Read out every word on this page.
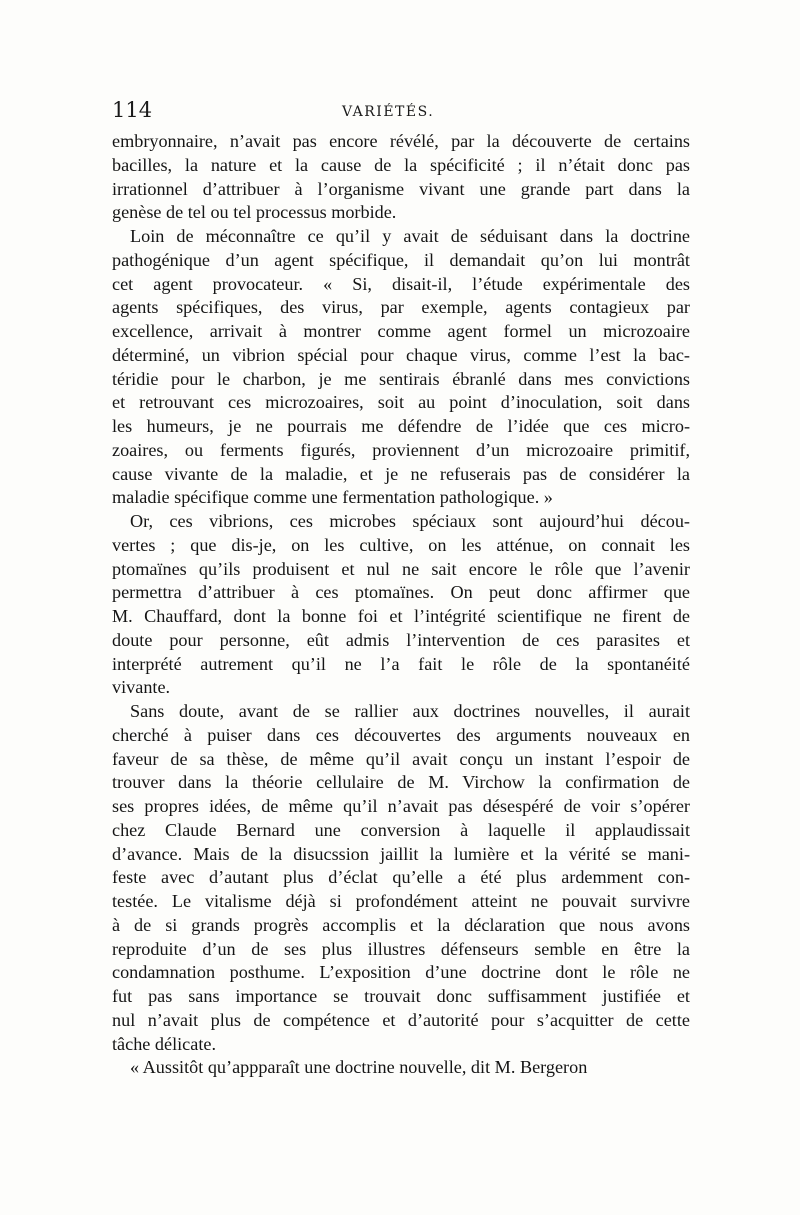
114	VARIÉTÉS.
embryonnaire, n’avait pas encore révélé, par la découverte de certains
bacilles, la nature et la cause de la spécificité ; il n’était donc pas
irrationnel d’attribuer à l’organisme vivant une grande part dans la
genèse de tel ou tel processus morbide.
Loin de méconnaître ce qu’il y avait de séduisant dans la doctrine
pathogénique d’un agent spécifique, il demandait qu’on lui montrât
cet agent provocateur. « Si, disait-il, l’étude expérimentale des
agents spécifiques, des virus, par exemple, agents contagieux par
excellence, arrivait à montrer comme agent formel un microzoaire
déterminé, un vibrion spécial pour chaque virus, comme l’est la bac-
téridie pour le charbon, je me sentirais ébranlé dans mes convictions
et retrouvant ces microzoaires, soit au point d’inoculation, soit dans
les humeurs, je ne pourrais me défendre de l’idée que ces micro-
zoaires, ou ferments figurés, proviennent d’un microzoaire primitif,
cause vivante de la maladie, et je ne refuserais pas de considérer la
maladie spécifique comme une fermentation pathologique. »
Or, ces vibrions, ces microbes spéciaux sont aujourd’hui décou-
vertes ; que dis-je, on les cultive, on les atténue, on connait les
ptomaïnes qu’ils produisent et nul ne sait encore le rôle que l’avenir
permettra d’attribuer à ces ptomaïnes. On peut donc affirmer que
M. Chauffard, dont la bonne foi et l’intégrité scientifique ne firent de
doute pour personne, eût admis l’intervention de ces parasites et
interprété autrement qu’il ne l’a fait le rôle de la spontanéité
vivante.
Sans doute, avant de se rallier aux doctrines nouvelles, il aurait
cherché à puiser dans ces découvertes des arguments nouveaux en
faveur de sa thèse, de même qu’il avait conçu un instant l’espoir de
trouver dans la théorie cellulaire de M. Virchow la confirmation de
ses propres idées, de même qu’il n’avait pas désespéré de voir s’opérer
chez Claude Bernard une conversion à laquelle il applaudissait
d’avance. Mais de la disucssion jaillit la lumière et la vérité se mani-
feste avec d’autant plus d’éclat qu’elle a été plus ardemment con-
testée. Le vitalisme déjà si profondément atteint ne pouvait survivre
à de si grands progrès accomplis et la déclaration que nous avons
reproduite d’un de ses plus illustres défenseurs semble en être la
condamnation posthume. L’exposition d’une doctrine dont le rôle ne
fut pas sans importance se trouvait donc suffisamment justifiée et
nul n’avait plus de compétence et d’autorité pour s’acquitter de cette
tâche délicate.
« Aussitôt qu’appparaît une doctrine nouvelle, dit M. Bergeron
